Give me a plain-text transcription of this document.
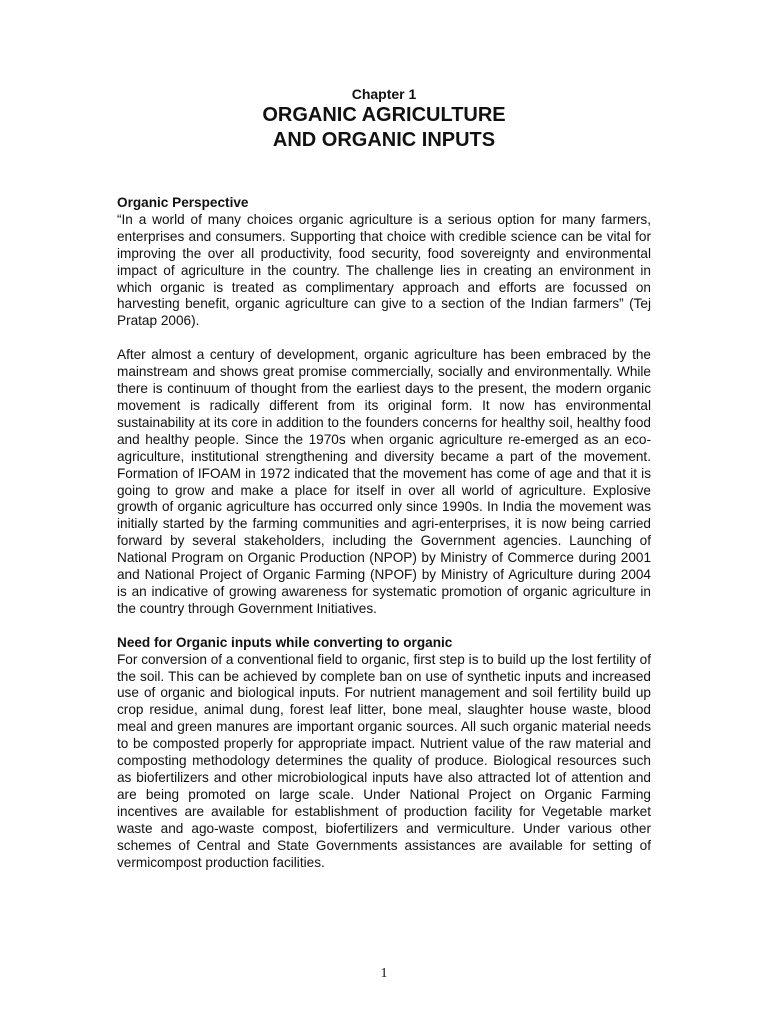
Chapter 1
ORGANIC AGRICULTURE
AND ORGANIC INPUTS

Organic Perspective

“In a world of many choices organic agriculture is a serious option for many farmers, enterprises and consumers. Supporting that choice with credible science can be vital for improving the over all productivity, food security, food sovereignty and environmental impact of agriculture in the country. The challenge lies in creating an environment in which organic is treated as complimentary approach and efforts are focussed on harvesting benefit, organic agriculture can give to a section of the Indian farmers” (Tej Pratap 2006).

After almost a century of development, organic agriculture has been embraced by the mainstream and shows great promise commercially, socially and environmentally. While there is continuum of thought from the earliest days to the present, the modern organic movement is radically different from its original form. It now has environmental sustainability at its core in addition to the founders concerns for healthy soil, healthy food and healthy people. Since the 1970s when organic agriculture re-emerged as an eco-agriculture, institutional strengthening and diversity became a part of the movement. Formation of IFOAM in 1972 indicated that the movement has come of age and that it is going to grow and make a place for itself in over all world of agriculture. Explosive growth of organic agriculture has occurred only since 1990s. In India the movement was initially started by the farming communities and agri-enterprises, it is now being carried forward by several stakeholders, including the Government agencies. Launching of National Program on Organic Production (NPOP) by Ministry of Commerce during 2001 and National Project of Organic Farming (NPOF) by Ministry of Agriculture during 2004 is an indicative of growing awareness for systematic promotion of organic agriculture in the country through Government Initiatives.

Need for Organic inputs while converting to organic

For conversion of a conventional field to organic, first step is to build up the lost fertility of the soil. This can be achieved by complete ban on use of synthetic inputs and increased use of organic and biological inputs. For nutrient management and soil fertility build up crop residue, animal dung, forest leaf litter, bone meal, slaughter house waste, blood meal and green manures are important organic sources. All such organic material needs to be composted properly for appropriate impact. Nutrient value of the raw material and composting methodology determines the quality of produce. Biological resources such as biofertilizers and other microbiological inputs have also attracted lot of attention and are being promoted on large scale. Under National Project on Organic Farming incentives are available for establishment of production facility for Vegetable market waste and ago-waste compost, biofertilizers and vermiculture. Under various other schemes of Central and State Governments assistances are available for setting of vermicompost production facilities.

1
